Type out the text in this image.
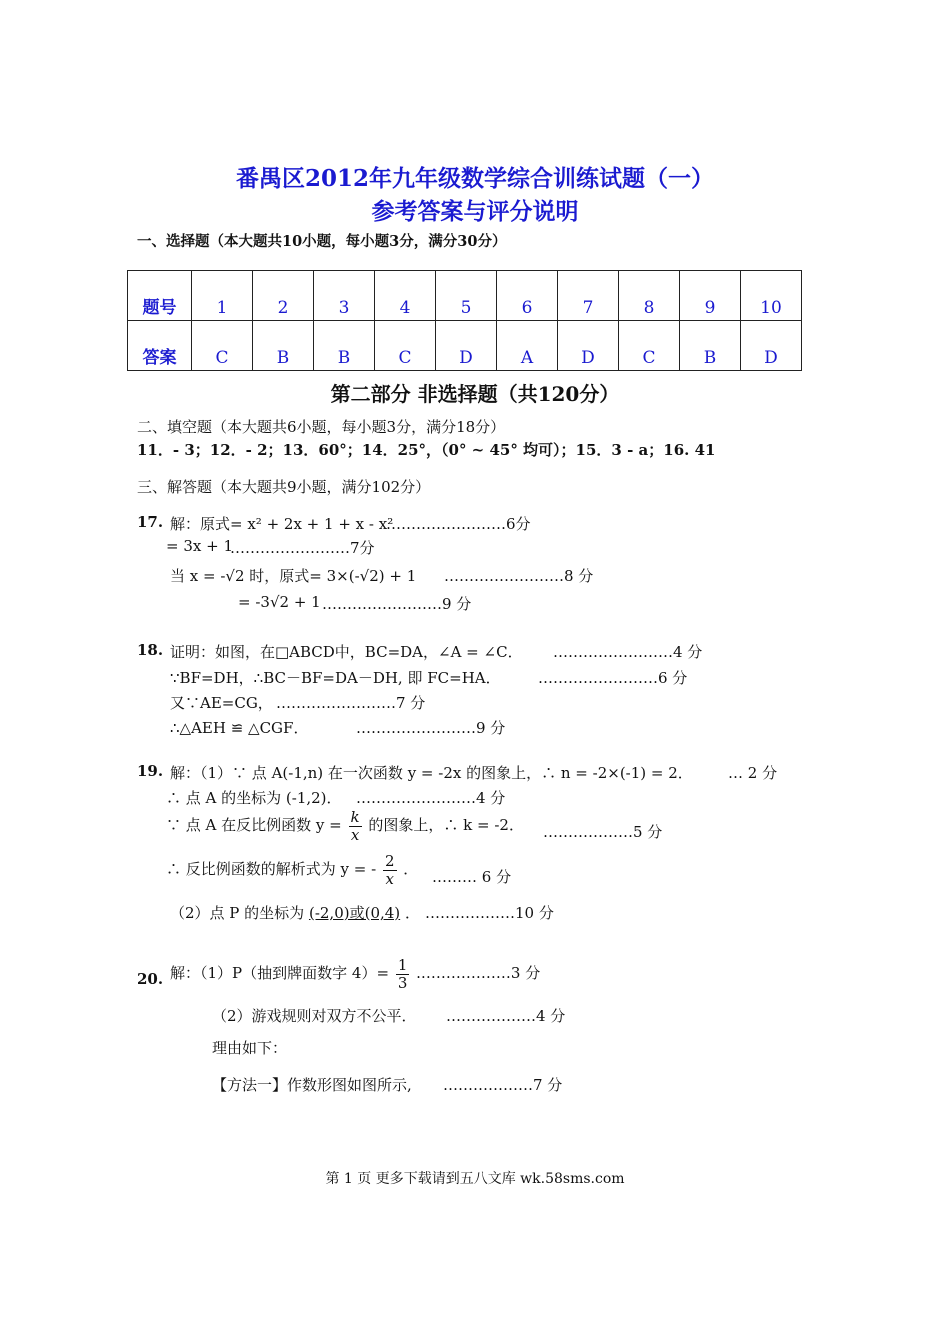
番禺区2012年九年级数学综合训练试题（一）
参考答案与评分说明
一、选择题（本大题共10小题，每小题3分，满分30分）
题号	1	2	3	4	5	6	7	8	9	10
答案	C	B	B	C	D	A	D	C	B	D
第二部分 非选择题（共120分）
二、填空题（本大题共6小题，每小题3分，满分18分）
11．- 3；12．- 2；13．60°；14．25°，（0° ~ 45° 均可）；15．3 - a；16. 41
三、解答题（本大题共9小题，满分102分）
17. 解：原式= x² + 2x + 1 + x - x²
……………………6分
= 3x + 1
……………………7分
当 x = -√2 时，原式= 3×(-√2) + 1 ……………………8 分
= -3√2 + 1 ……………………9 分
18. 证明：如图，在□ABCD中，BC=DA，∠A = ∠C． ……………………4 分
∵BF=DH，∴BC－BF=DA－DH, 即 FC=HA． ……………………6 分
又∵AE=CG， ……………………7 分
∴△AEH ≌ △CGF．	……………………9 分
19. 解：（1）∵ 点 A(-1,n) 在一次函数 y = -2x 的图象上，∴ n = -2×(-1) = 2． … 2 分
∴ 点 A 的坐标为 (-1,2)． ……………………4 分
∵ 点 A 在反比例函数 $y = \frac{k}{x}$ 的图象上，∴ k = -2． ………………5 分
∴ 反比例函数的解析式为 y = - $\frac{2}{x}$ ． ……… 6 分
（2）点 P 的坐标为 (-2,0)或(0,4) ． ………………10 分
20. 解：（1）P（抽到牌面数字 $4)= \frac{1}{3}$ .………………3 分
（2）游戏规则对双方不公平． ………………4 分
理由如下：
【方法一】作数形图如图所示, ………………7 分
第 1 页 更多下载请到五八文库 wk.58sms.com
